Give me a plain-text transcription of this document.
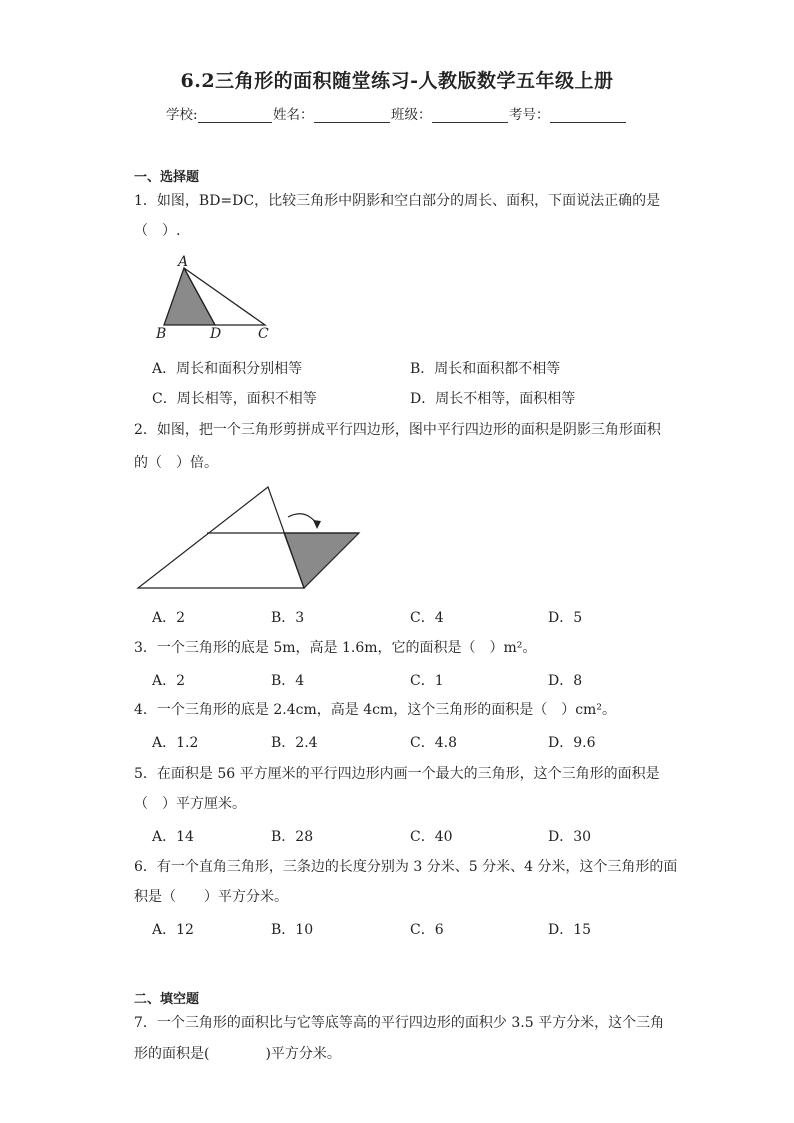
6.2三角形的面积随堂练习-人教版数学五年级上册
学校:	姓名：	班级：	考号：
一、选择题
1．如图，BD=DC，比较三角形中阴影和空白部分的周长、面积，下面说法正确的是
（　）.
A
B	D	C
A．周长和面积分别相等	B．周长和面积都不相等
C．周长相等，面积不相等	D．周长不相等，面积相等
2．如图，把一个三角形剪拼成平行四边形，图中平行四边形的面积是阴影三角形面积
的（　）倍。
A．2	B．3	C．4	D．5
3．一个三角形的底是 5m，高是 1.6m，它的面积是（　）m²。
A．2	B．4	C．1	D．8
4．一个三角形的底是 2.4cm，高是 4cm，这个三角形的面积是（　）cm²。
A．1.2	B．2.4	C．4.8	D．9.6
5．在面积是 56 平方厘米的平行四边形内画一个最大的三角形，这个三角形的面积是
（　）平方厘米。
A．14	B．28	C．40	D．30
6．有一个直角三角形，三条边的长度分别为 3 分米、5 分米、4 分米，这个三角形的面
积是（　　）平方分米。
A．12	B．10	C．6	D．15
二、填空题
7．一个三角形的面积比与它等底等高的平行四边形的面积少 3.5 平方分米，这个三角
形的面积是(　　　　)平方分米。
